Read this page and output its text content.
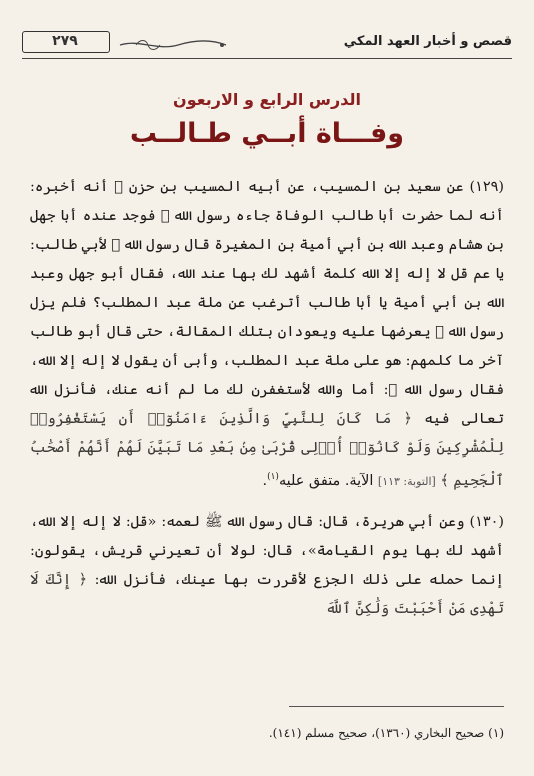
قصص و أخبار العهد المكي
٢٧٩
الدرس الرابع و الاربعون
وفـــاة أبــي طـالــب

(١٢٩) عن سعيد بن المسيب، عن أبيه المسيب بن حزن ﷺ أنه أخبره: أنه لما حضرت أبا طالب الوفاة جاءه رسول الله ﷺ فوجد عنده أبا جهل بن هشام وعبد الله بن أبي أمية بن المغيرة قال رسول الله ﷺ لأبي طالب: يا عم قل لا إله إلا الله كلمة أشهد لك بها عند الله، فقال أبو جهل وعبد الله بن أبي أمية يا أبا طالب أترغب عن ملة عبد المطلب؟ فلم يزل رسول الله ﷺ يعرضها عليه ويعودان بتلك المقالة، حتى قال أبو طالب آخر ما كلمهم: هو على ملة عبد المطلب، وأبى أن يقول لا إله إلا الله، فقال رسول الله ﷺ: أما والله لأستغفرن لك ما لم أنه عنك، فأنزل الله تعالى فيه ﴿ مَا كَانَ لِلنَّبِيِّ وَالَّذِينَ ءَامَنُوٓا۟ أَن يَسْتَغْفِرُوا۟ لِلْمُشْرِكِينَ وَلَوْ كَانُوٓا۟ أُو۟لِى قُرْبَىٰ مِنۢ بَعْدِ مَا تَبَيَّنَ لَهُمْ أَنَّهُمْ أَصْحَٰبُ ٱلْجَحِيمِ ﴾ [التوبة: ١١٣] الآية. متفق عليه$^{(١)}$.

(١٣٠) وعن أبي هريرة، قال: قال رسول الله ﷺ لعمه: «قل: لا إله إلا الله، أشهد لك بها يوم القيامة»، قال: لولا أن تعيرني قريش، يقولون: إنما حمله على ذلك الجزع لأقررت بها عينك، فأنزل الله: ﴿ إِنَّكَ لَا تَهْدِى مَنْ أَحْبَبْتَ وَلَٰكِنَّ ٱللَّهَ

(١) صحيح البخاري (١٣٦٠)، صحيح مسلم (١٤١).
